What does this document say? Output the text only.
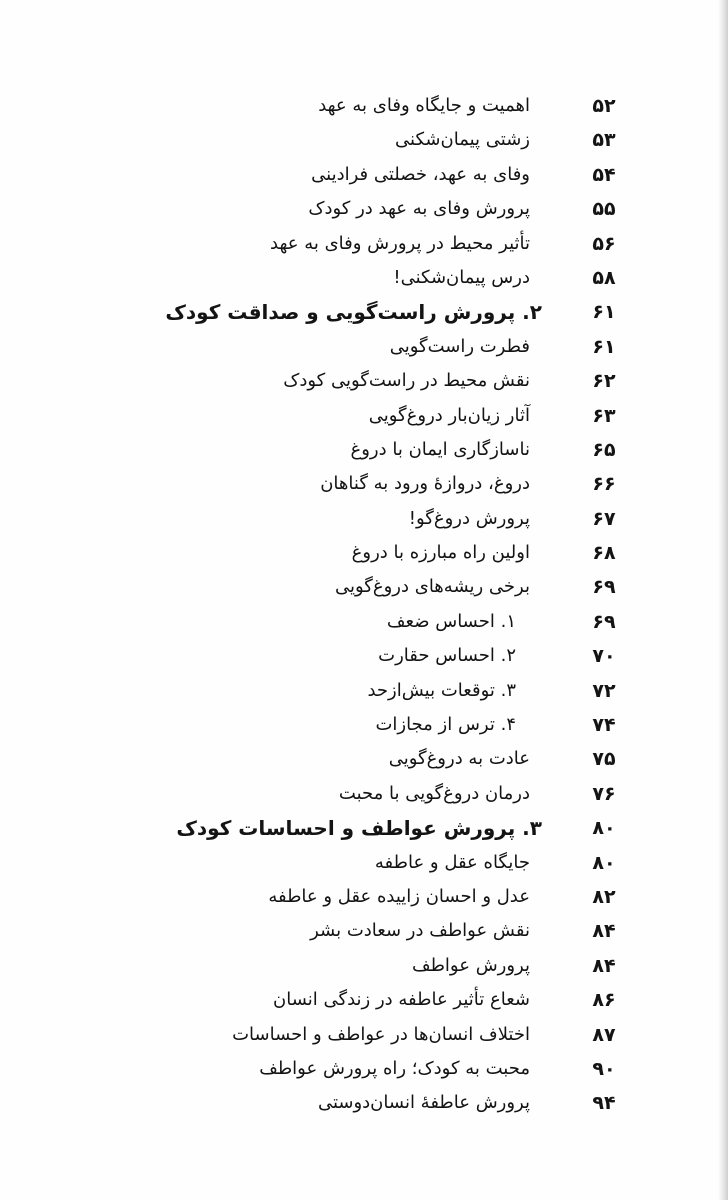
۵۲
اهمیت و جایگاه وفای به عهد
۵۳
زشتی پیمان‌شکنی
۵۴
وفای به عهد، خصلتی فرادینی
۵۵
پرورش وفای به عهد در کودک
۵۶
تأثیر محیط در پرورش وفای به عهد
۵۸
درس پیمان‌شکنی!
۶۱
۲. پرورش راست‌گویی و صداقت کودک
۶۱
فطرت راست‌گویی
۶۲
نقش محیط در راست‌گویی کودک
۶۳
آثار زیان‌بار دروغ‌گویی
۶۵
ناسازگاری ایمان با دروغ
۶۶
دروغ، دروازهٔ ورود به گناهان
۶۷
پرورش دروغ‌گو!
۶۸
اولین راه مبارزه با دروغ
۶۹
برخی ریشه‌های دروغ‌گویی
۶۹
۱. احساس ضعف
۷۰
۲. احساس حقارت
۷۲
۳. توقعات بیش‌ازحد
۷۴
۴. ترس از مجازات
۷۵
عادت به دروغ‌گویی
۷۶
درمان دروغ‌گویی با محبت
۸۰
۳. پرورش عواطف و احساسات کودک
۸۰
جایگاه عقل و عاطفه
۸۲
عدل و احسان زاییده عقل و عاطفه
۸۴
نقش عواطف در سعادت بشر
۸۴
پرورش عواطف
۸۶
شعاع تأثیر عاطفه در زندگی انسان
۸۷
اختلاف انسان‌ها در عواطف و احساسات
۹۰
محبت به کودک؛ راه پرورش عواطف
۹۴
پرورش عاطفهٔ انسان‌دوستی
